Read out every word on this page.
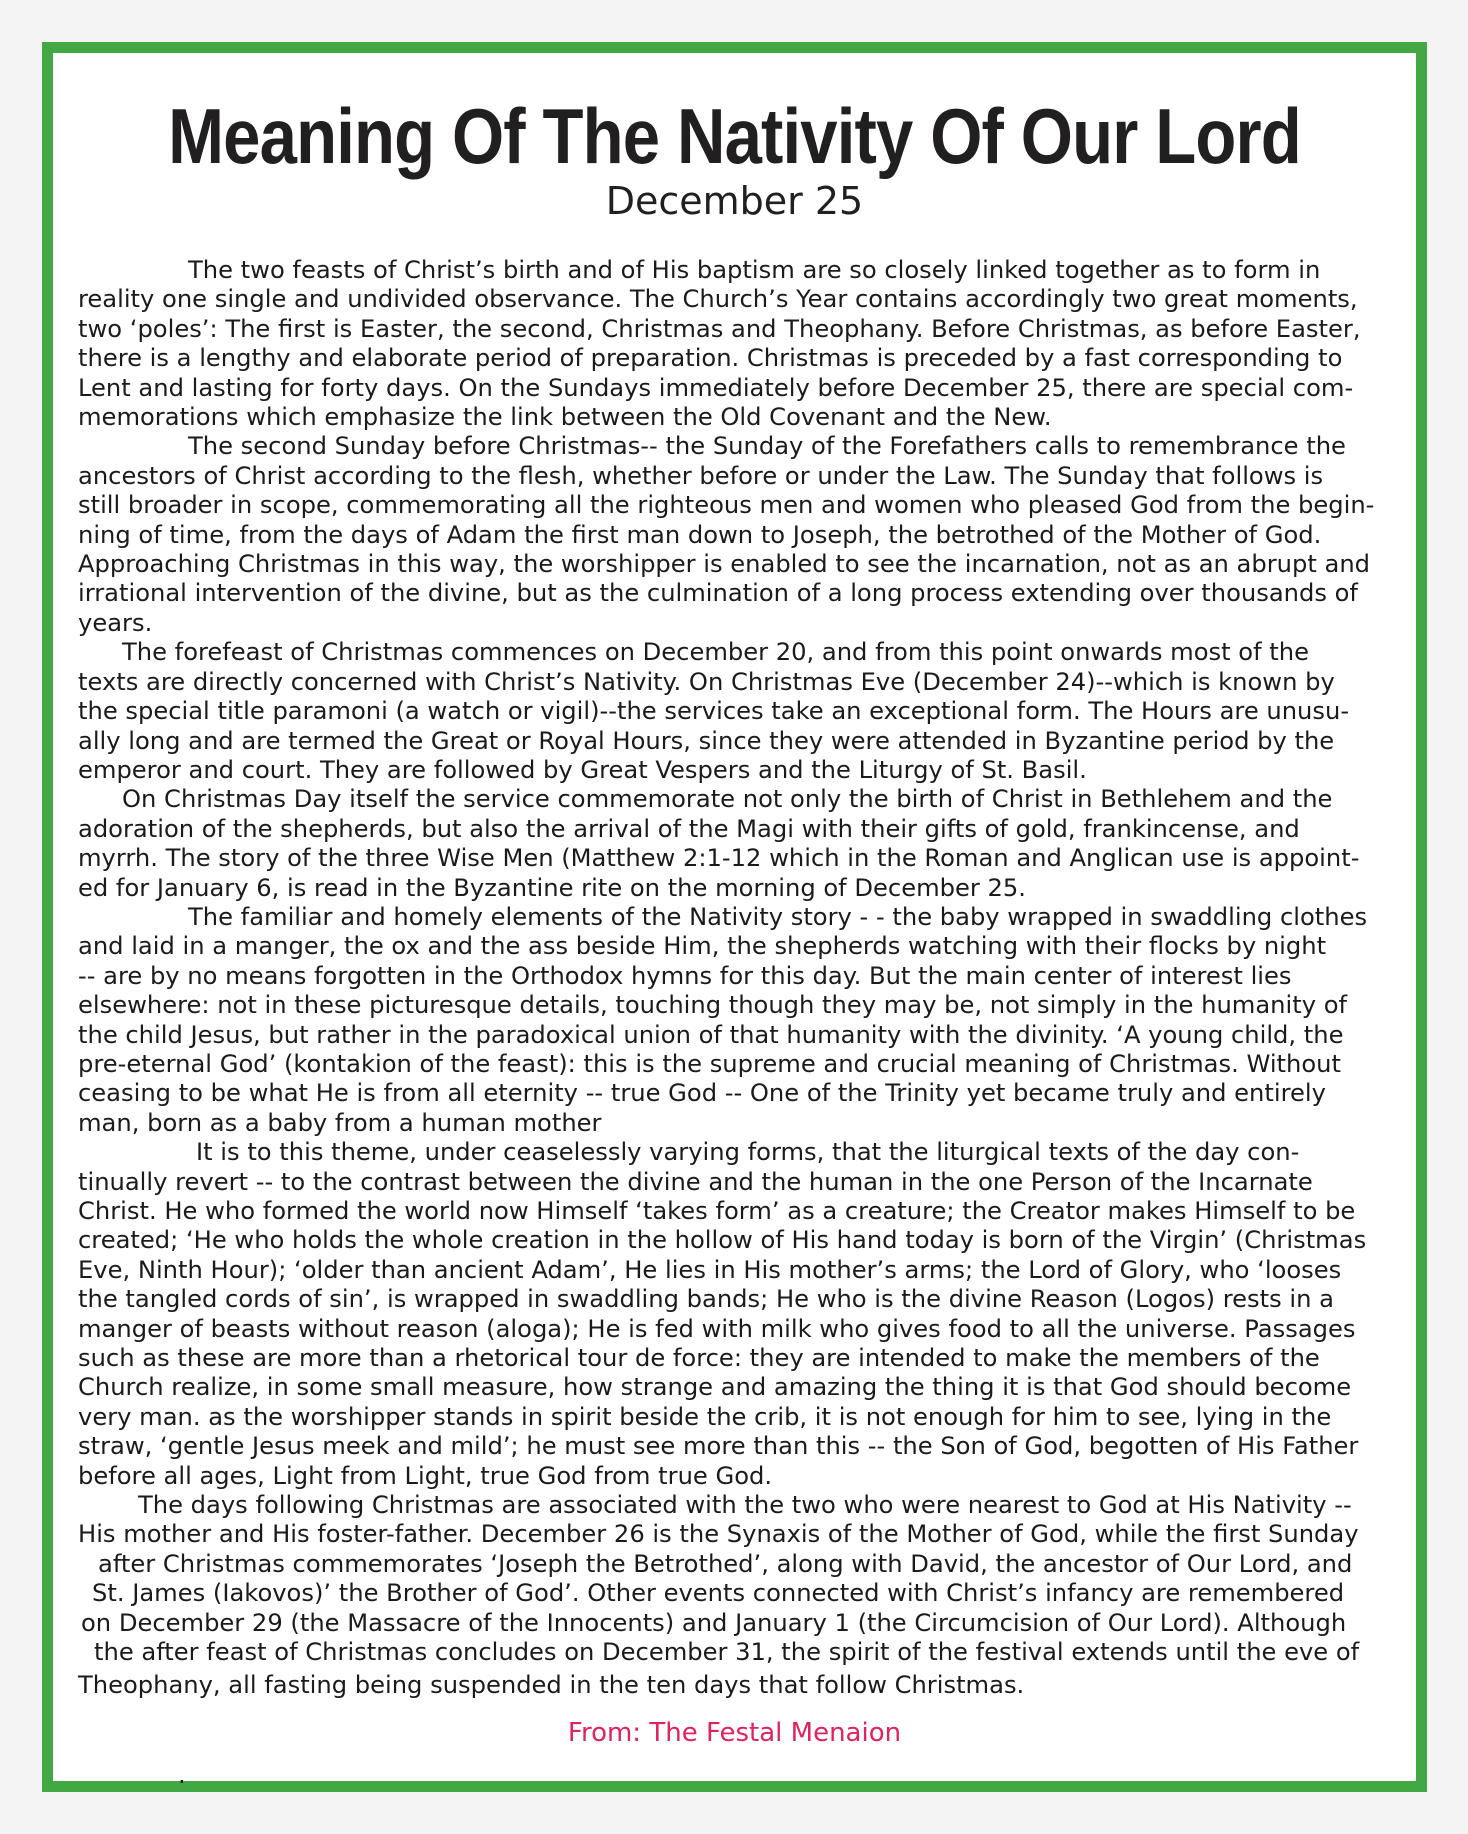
Meaning Of The Nativity Of Our Lord
December 25
The two feasts of Christ’s birth and of His baptism are so closely linked together as to form in
reality one single and undivided observance. The Church’s Year contains accordingly two great moments,
two ‘poles’: The first is Easter, the second, Christmas and Theophany. Before Christmas, as before Easter,
there is a lengthy and elaborate period of preparation. Christmas is preceded by a fast corresponding to
Lent and lasting for forty days. On the Sundays immediately before December 25, there are special com-
memorations which emphasize the link between the Old Covenant and the New.
The second Sunday before Christmas-- the Sunday of the Forefathers calls to remembrance the
ancestors of Christ according to the flesh, whether before or under the Law. The Sunday that follows is
still broader in scope, commemorating all the righteous men and women who pleased God from the begin-
ning of time, from the days of Adam the first man down to Joseph, the betrothed of the Mother of God.
Approaching Christmas in this way, the worshipper is enabled to see the incarnation, not as an abrupt and
irrational intervention of the divine, but as the culmination of a long process extending over thousands of
years.
The forefeast of Christmas commences on December 20, and from this point onwards most of the
texts are directly concerned with Christ’s Nativity. On Christmas Eve (December 24)--which is known by
the special title paramoni (a watch or vigil)--the services take an exceptional form. The Hours are unusu-
ally long and are termed the Great or Royal Hours, since they were attended in Byzantine period by the
emperor and court. They are followed by Great Vespers and the Liturgy of St. Basil.
On Christmas Day itself the service commemorate not only the birth of Christ in Bethlehem and the
adoration of the shepherds, but also the arrival of the Magi with their gifts of gold, frankincense, and
myrrh. The story of the three Wise Men (Matthew 2:1-12 which in the Roman and Anglican use is appoint-
ed for January 6, is read in the Byzantine rite on the morning of December 25.
The familiar and homely elements of the Nativity story - - the baby wrapped in swaddling clothes
and laid in a manger, the ox and the ass beside Him, the shepherds watching with their flocks by night
-- are by no means forgotten in the Orthodox hymns for this day. But the main center of interest lies
elsewhere: not in these picturesque details, touching though they may be, not simply in the humanity of
the child Jesus, but rather in the paradoxical union of that humanity with the divinity. ‘A young child, the
pre-eternal God’ (kontakion of the feast): this is the supreme and crucial meaning of Christmas. Without
ceasing to be what He is from all eternity -- true God -- One of the Trinity yet became truly and entirely
man, born as a baby from a human mother
It is to this theme, under ceaselessly varying forms, that the liturgical texts of the day con-
tinually revert -- to the contrast between the divine and the human in the one Person of the Incarnate
Christ. He who formed the world now Himself ‘takes form’ as a creature; the Creator makes Himself to be
created; ‘He who holds the whole creation in the hollow of His hand today is born of the Virgin’ (Christmas
Eve, Ninth Hour); ‘older than ancient Adam’, He lies in His mother’s arms; the Lord of Glory, who ‘looses
the tangled cords of sin’, is wrapped in swaddling bands; He who is the divine Reason (Logos) rests in a
manger of beasts without reason (aloga); He is fed with milk who gives food to all the universe. Passages
such as these are more than a rhetorical tour de force: they are intended to make the members of the
Church realize, in some small measure, how strange and amazing the thing it is that God should become
very man. as the worshipper stands in spirit beside the crib, it is not enough for him to see, lying in the
straw, ‘gentle Jesus meek and mild’; he must see more than this -- the Son of God, begotten of His Father
before all ages, Light from Light, true God from true God.
The days following Christmas are associated with the two who were nearest to God at His Nativity --
His mother and His foster-father. December 26 is the Synaxis of the Mother of God, while the first Sunday
after Christmas commemorates ‘Joseph the Betrothed’, along with David, the ancestor of Our Lord, and
St. James (Iakovos)’ the Brother of God’. Other events connected with Christ’s infancy are remembered
on December 29 (the Massacre of the Innocents) and January 1 (the Circumcision of Our Lord). Although
the after feast of Christmas concludes on December 31, the spirit of the festival extends until the eve of
Theophany, all fasting being suspended in the ten days that follow Christmas.
From: The Festal Menaion
.
